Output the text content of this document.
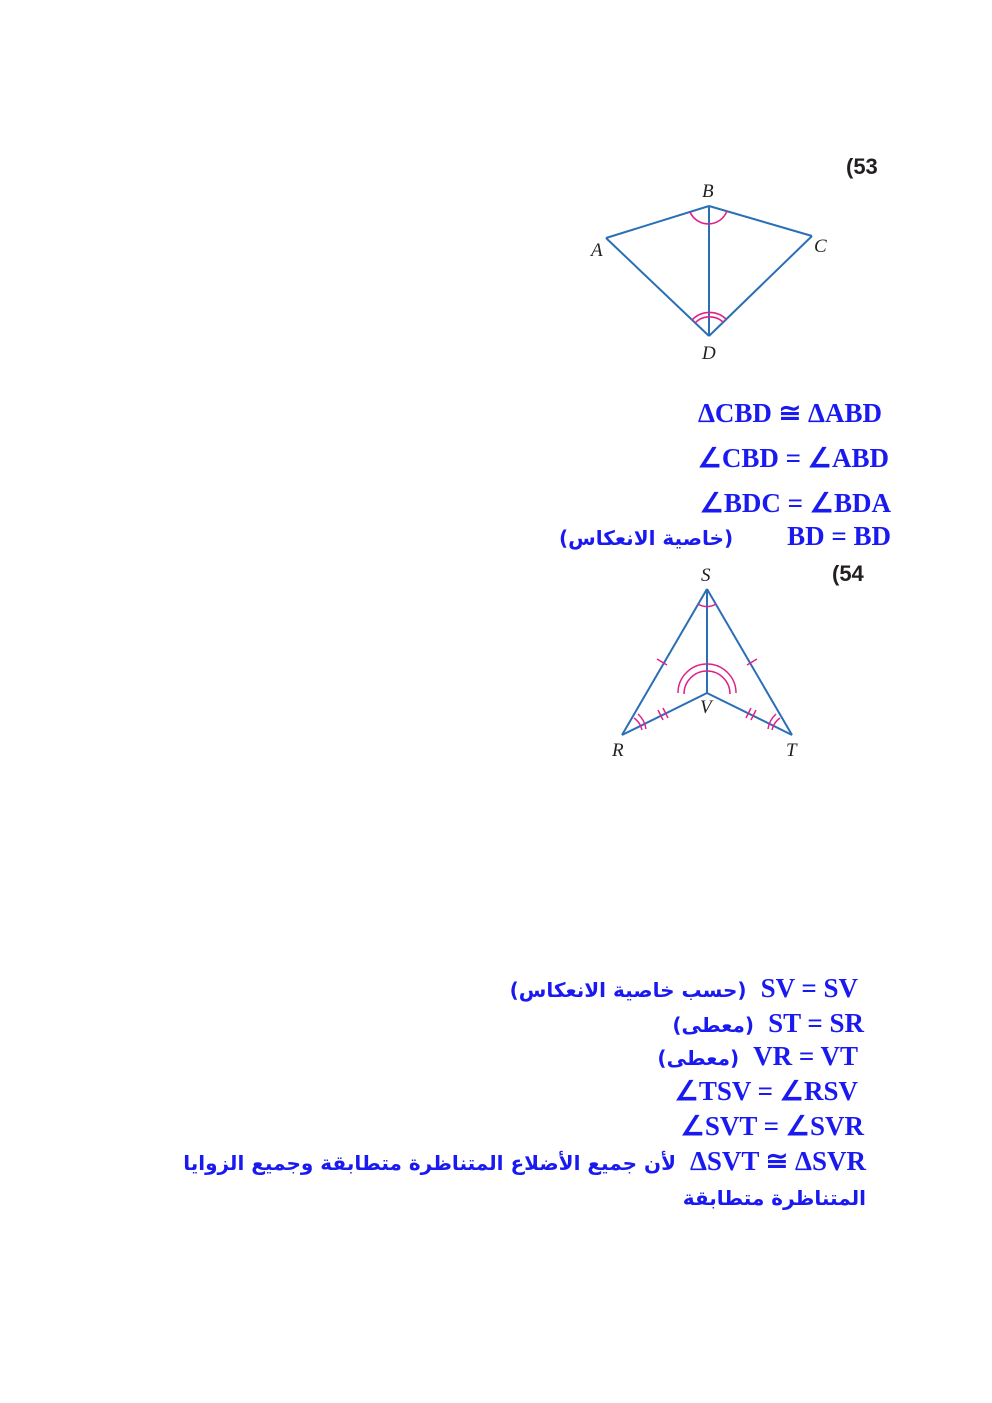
(53
B
A	C
D
ΔCBD ≅ ΔABD
∠CBD = ∠ABD
∠BDC = ∠BDA
(خاصية الانعكاس) BD = BD
(54
S
V
R	T
(حسب خاصية الانعكاس) SV = SV
(معطى) ST = SR
(معطى) VR = VT
∠TSV = ∠RSV
∠SVT = ∠SVR
ΔSVT ≅ ΔSVRلأن جميع الأضلاع المتناظرة متطابقة وجميع الزوايا المتناظرة متطابقة
